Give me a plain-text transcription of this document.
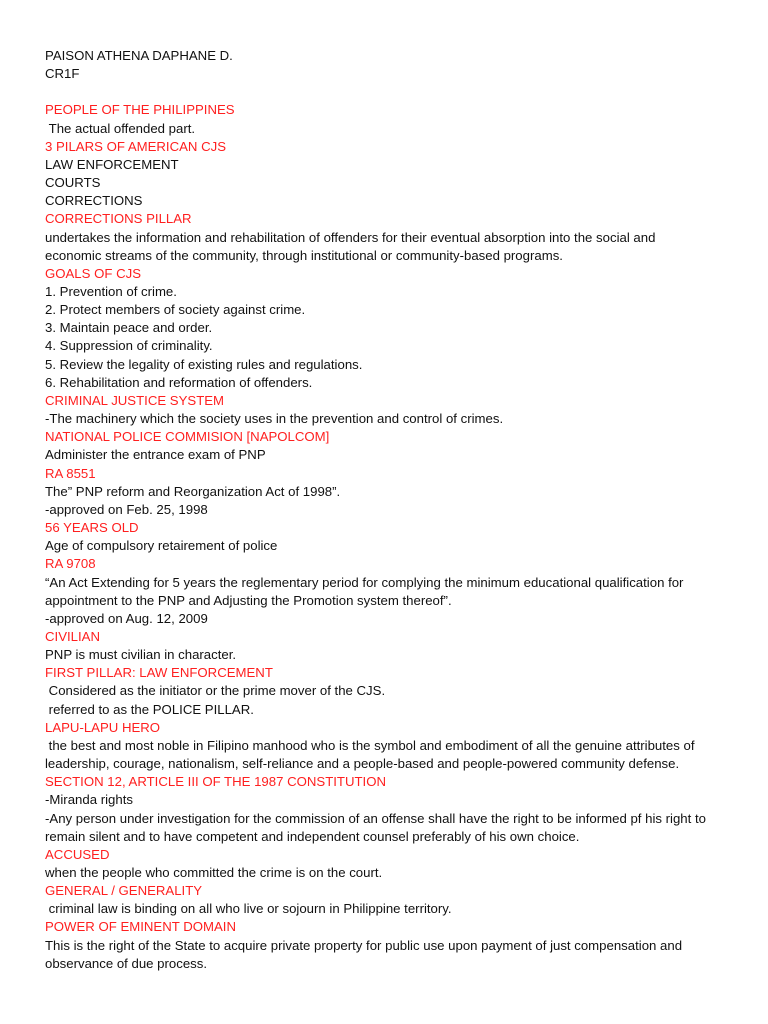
PAISON ATHENA DAPHANE D.

CR1F

PEOPLE OF THE PHILIPPINES

The actual offended part.

3 PILARS OF AMERICAN CJS

LAW ENFORCEMENT

COURTS

CORRECTIONS

CORRECTIONS PILLAR

undertakes the information and rehabilitation of offenders for their eventual absorption into the social and

economic streams of the community, through institutional or community-based programs.

GOALS OF CJS

1. Prevention of crime.

2. Protect members of society against crime.

3. Maintain peace and order.

4. Suppression of criminality.

5. Review the legality of existing rules and regulations.

6. Rehabilitation and reformation of offenders.

CRIMINAL JUSTICE SYSTEM

-The machinery which the society uses in the prevention and control of crimes.

NATIONAL POLICE COMMISION [NAPOLCOM]

Administer the entrance exam of PNP

RA 8551

The” PNP reform and Reorganization Act of 1998”.

-approved on Feb. 25, 1998

56 YEARS OLD

Age of compulsory retairement of police

RA 9708

“An Act Extending for 5 years the reglementary period for complying the minimum educational qualification for

appointment to the PNP and Adjusting the Promotion system thereof”.

-approved on Aug. 12, 2009

CIVILIAN

PNP is must civilian in character.

FIRST PILLAR: LAW ENFORCEMENT

Considered as the initiator or the prime mover of the CJS.

referred to as the POLICE PILLAR.

LAPU-LAPU HERO

the best and most noble in Filipino manhood who is the symbol and embodiment of all the genuine attributes of

leadership, courage, nationalism, self-reliance and a people-based and people-powered community defense.

SECTION 12, ARTICLE III OF THE 1987 CONSTITUTION

-Miranda rights

-Any person under investigation for the commission of an offense shall have the right to be informed pf his right to

remain silent and to have competent and independent counsel preferably of his own choice.

ACCUSED

when the people who committed the crime is on the court.

GENERAL / GENERALITY

criminal law is binding on all who live or sojourn in Philippine territory.

POWER OF EMINENT DOMAIN

This is the right of the State to acquire private property for public use upon payment of just compensation and

observance of due process.
